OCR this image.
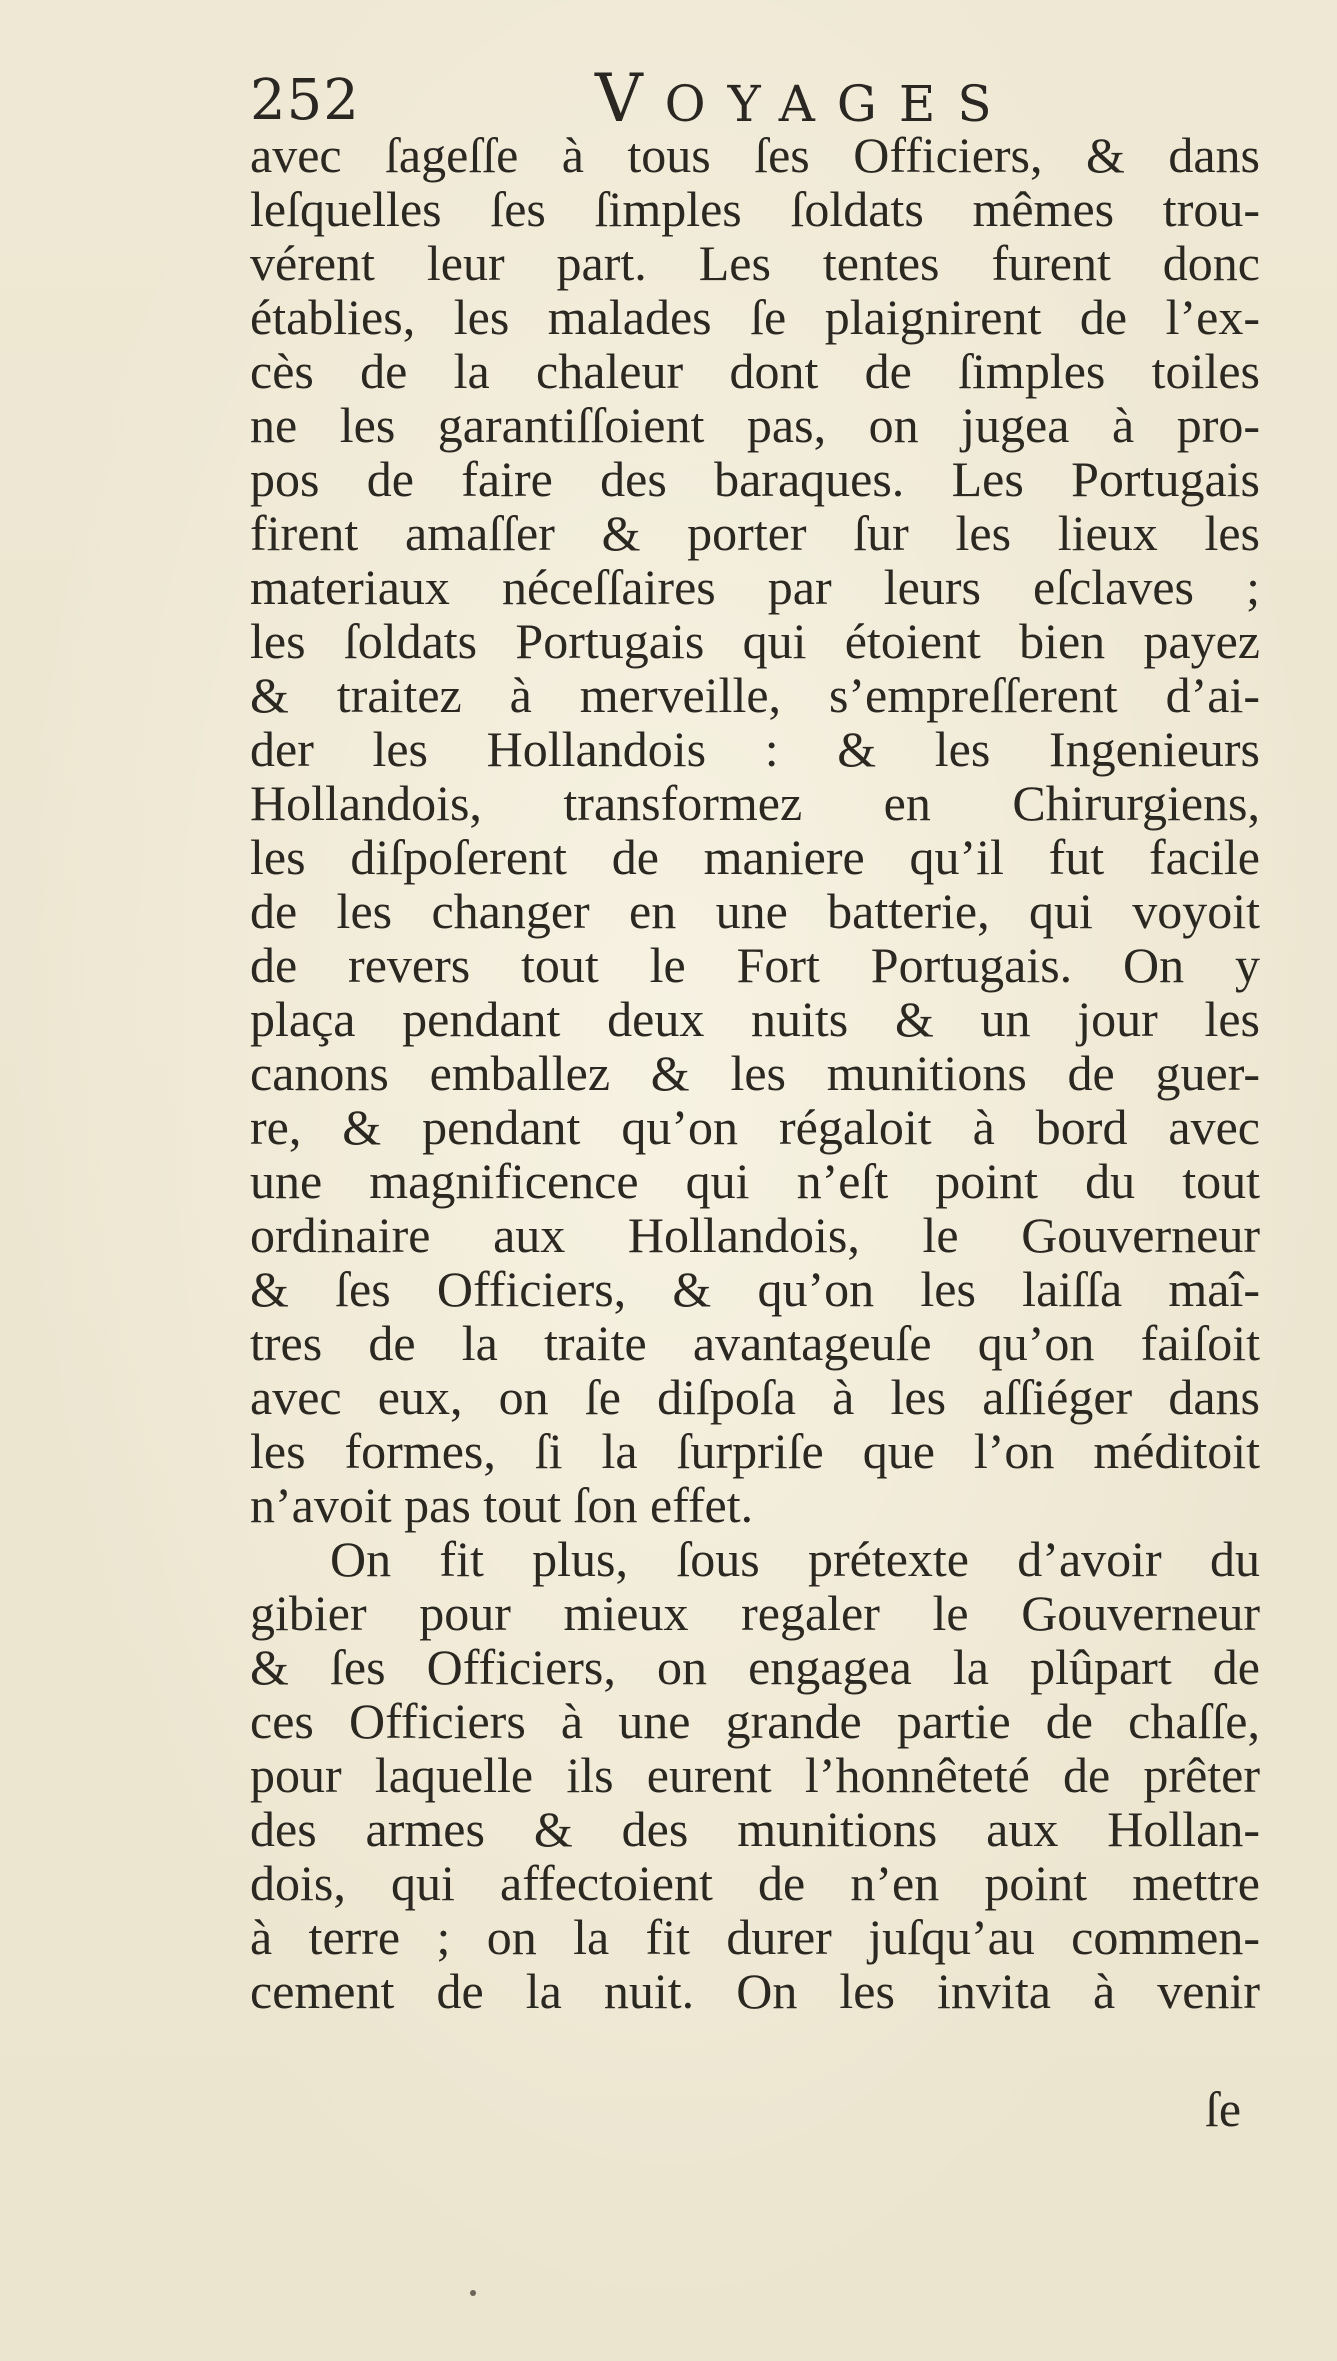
252	VOYAGES
avec ſageſſe à tous ſes Officiers, & dans
leſquelles ſes ſimples ſoldats mêmes trou-
vérent leur part. Les tentes furent donc
établies, les malades ſe plaignirent de l’ex-
cès de la chaleur dont de ſimples toiles
ne les garantiſſoient pas, on jugea à pro-
pos de faire des baraques. Les Portugais
firent amaſſer & porter ſur les lieux les
materiaux néceſſaires par leurs eſclaves ;
les ſoldats Portugais qui étoient bien payez
& traitez à merveille, s’empreſſerent d’ai-
der les Hollandois : & les Ingenieurs
Hollandois, transformez en Chirurgiens,
les diſpoſerent de maniere qu’il fut facile
de les changer en une batterie, qui voyoit
de revers tout le Fort Portugais. On y
plaça pendant deux nuits & un jour les
canons emballez & les munitions de guer-
re, & pendant qu’on régaloit à bord avec
une magnificence qui n’eſt point du tout
ordinaire aux Hollandois, le Gouverneur
& ſes Officiers, & qu’on les laiſſa maî-
tres de la traite avantageuſe qu’on faiſoit
avec eux, on ſe diſpoſa à les aſſiéger dans
les formes, ſi la ſurpriſe que l’on méditoit
n’avoit pas tout ſon effet.
On fit plus, ſous prétexte d’avoir du
gibier pour mieux regaler le Gouverneur
& ſes Officiers, on engagea la plûpart de
ces Officiers à une grande partie de chaſſe,
pour laquelle ils eurent l’honnêteté de prêter
des armes & des munitions aux Hollan-
dois, qui affectoient de n’en point mettre
à terre ; on la fit durer juſqu’au commen-
cement de la nuit. On les invita à venir
ſe
